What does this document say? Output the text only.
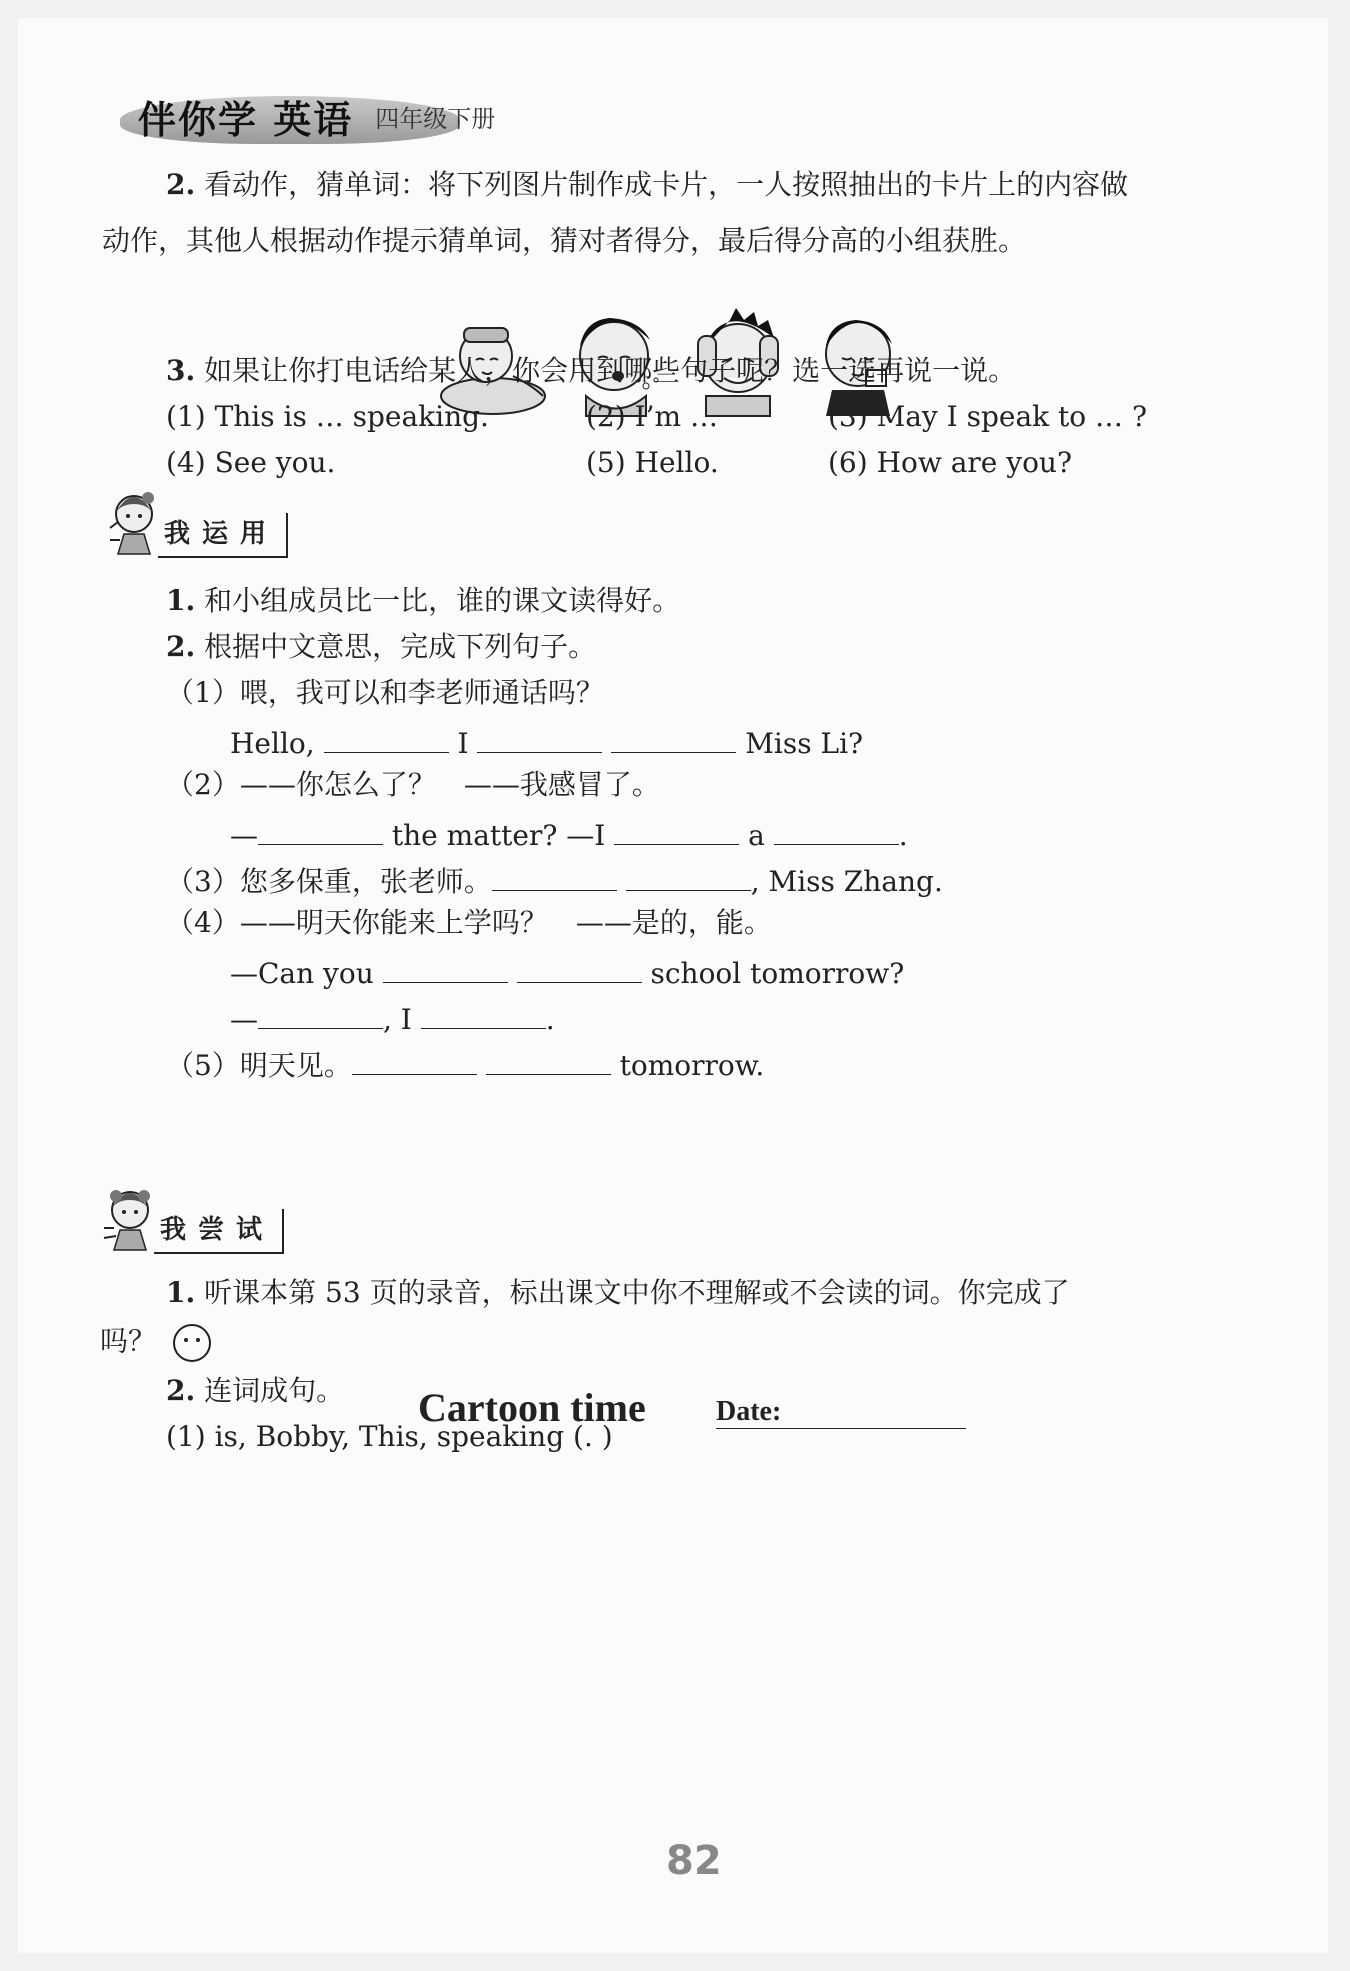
伴你学 英语 四年级下册
2. 看动作，猜单词：将下列图片制作成卡片，一人按照抽出的卡片上的内容做
动作，其他人根据动作提示猜单词，猜对者得分，最后得分高的小组获胜。
3. 如果让你打电话给某人，你会用到哪些句子呢？选一选再说一说。
(1) This is … speaking.	(2) I’m …	(3) May I speak to … ?
(4) See you.	(5) Hello.	(6) How are you?
我运用
1. 和小组成员比一比，谁的课文读得好。
2. 根据中文意思，完成下列句子。
（1）喂，我可以和李老师通话吗？
Hello,	I	Miss Li?
（2）——你怎么了？　——我感冒了。
—	the matter? —I	a	.
（3）您多保重，张老师。	, Miss Zhang.
（4）——明天你能来上学吗？　——是的，能。
—Can you	school tomorrow?
—	, I	.
（5）明天见。	tomorrow.
Cartoon time	Date:
我尝试
1. 听课本第 53 页的录音，标出课文中你不理解或不会读的词。你完成了
吗？
2. 连词成句。
(1) is, Bobby, This, speaking (. )
82
